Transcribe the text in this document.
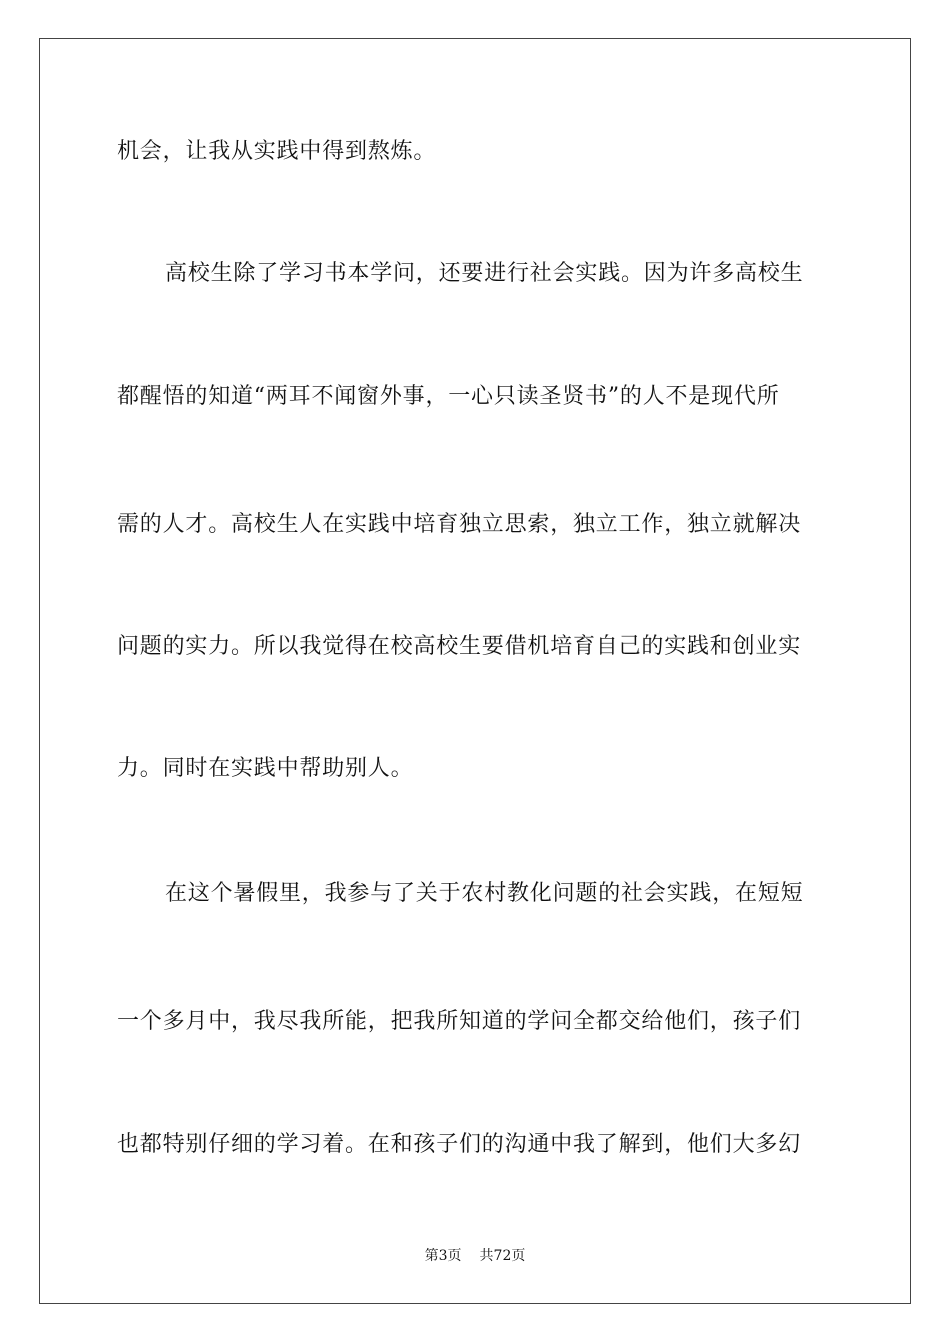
机会，让我从实践中得到熬炼。
高校生除了学习书本学问，还要进行社会实践。因为许多高校生
都醒悟的知道“两耳不闻窗外事，一心只读圣贤书”的人不是现代所
需的人才。高校生人在实践中培育独立思索，独立工作，独立就解决
问题的实力。所以我觉得在校高校生要借机培育自己的实践和创业实
力。同时在实践中帮助别人。
在这个暑假里，我参与了关于农村教化问题的社会实践，在短短
一个多月中，我尽我所能，把我所知道的学问全都交给他们，孩子们
也都特别仔细的学习着。在和孩子们的沟通中我了解到，他们大多幻
第3页 共72页
